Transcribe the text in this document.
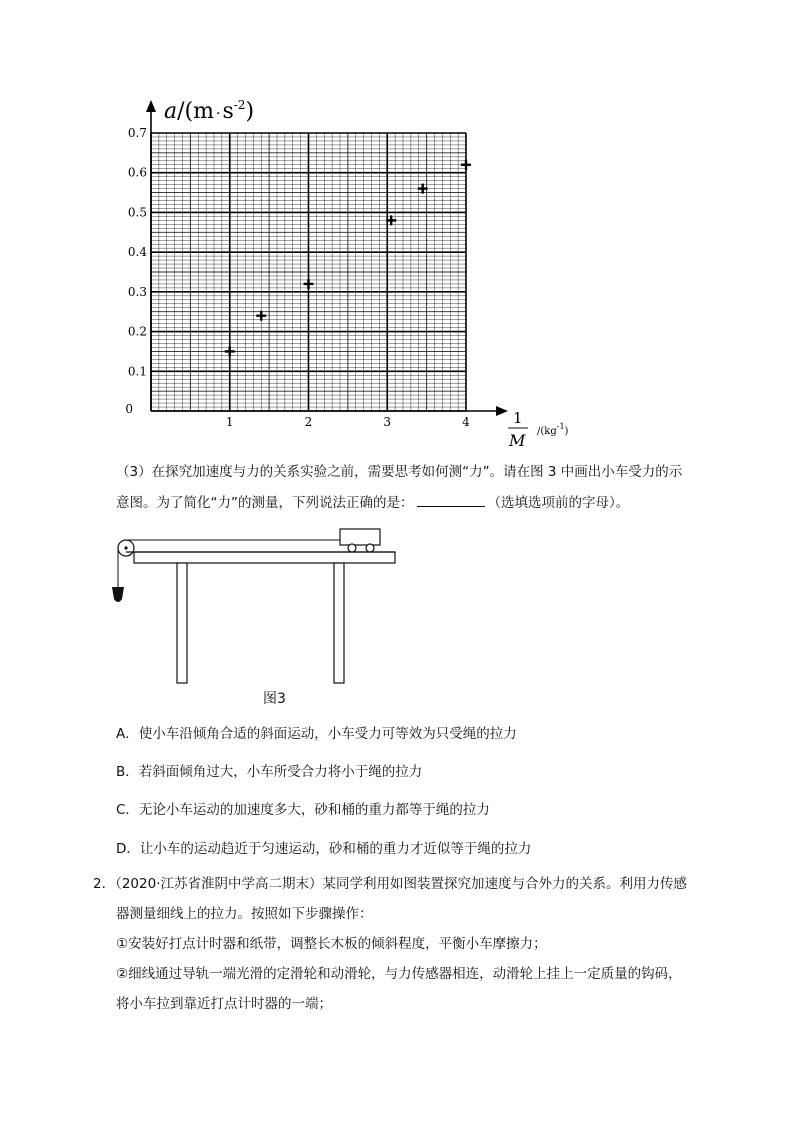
1	2	3	4
0.1
0.2
0.3
0.4
0.5
0.6
0.7
0
$a/(m \cdot s^{-2})$
1
M $/(kg^{-1})$
（3）在探究加速度与力的关系实验之前，需要思考如何测“力”。请在图 3 中画出小车受力的示
意图。为了简化“力”的测量，下列说法正确的是：	（选填选项前的字母）。
图3
A．使小车沿倾角合适的斜面运动，小车受力可等效为只受绳的拉力
B．若斜面倾角过大，小车所受合力将小于绳的拉力
C．无论小车运动的加速度多大，砂和桶的重力都等于绳的拉力
D．让小车的运动趋近于匀速运动，砂和桶的重力才近似等于绳的拉力
2．（2020·江苏省淮阴中学高二期末）某同学利用如图装置探究加速度与合外力的关系。利用力传感
器测量细线上的拉力。按照如下步骤操作：
①安装好打点计时器和纸带，调整长木板的倾斜程度，平衡小车摩擦力；
②细线通过导轨一端光滑的定滑轮和动滑轮，与力传感器相连，动滑轮上挂上一定质量的钩码，
将小车拉到靠近打点计时器的一端；
